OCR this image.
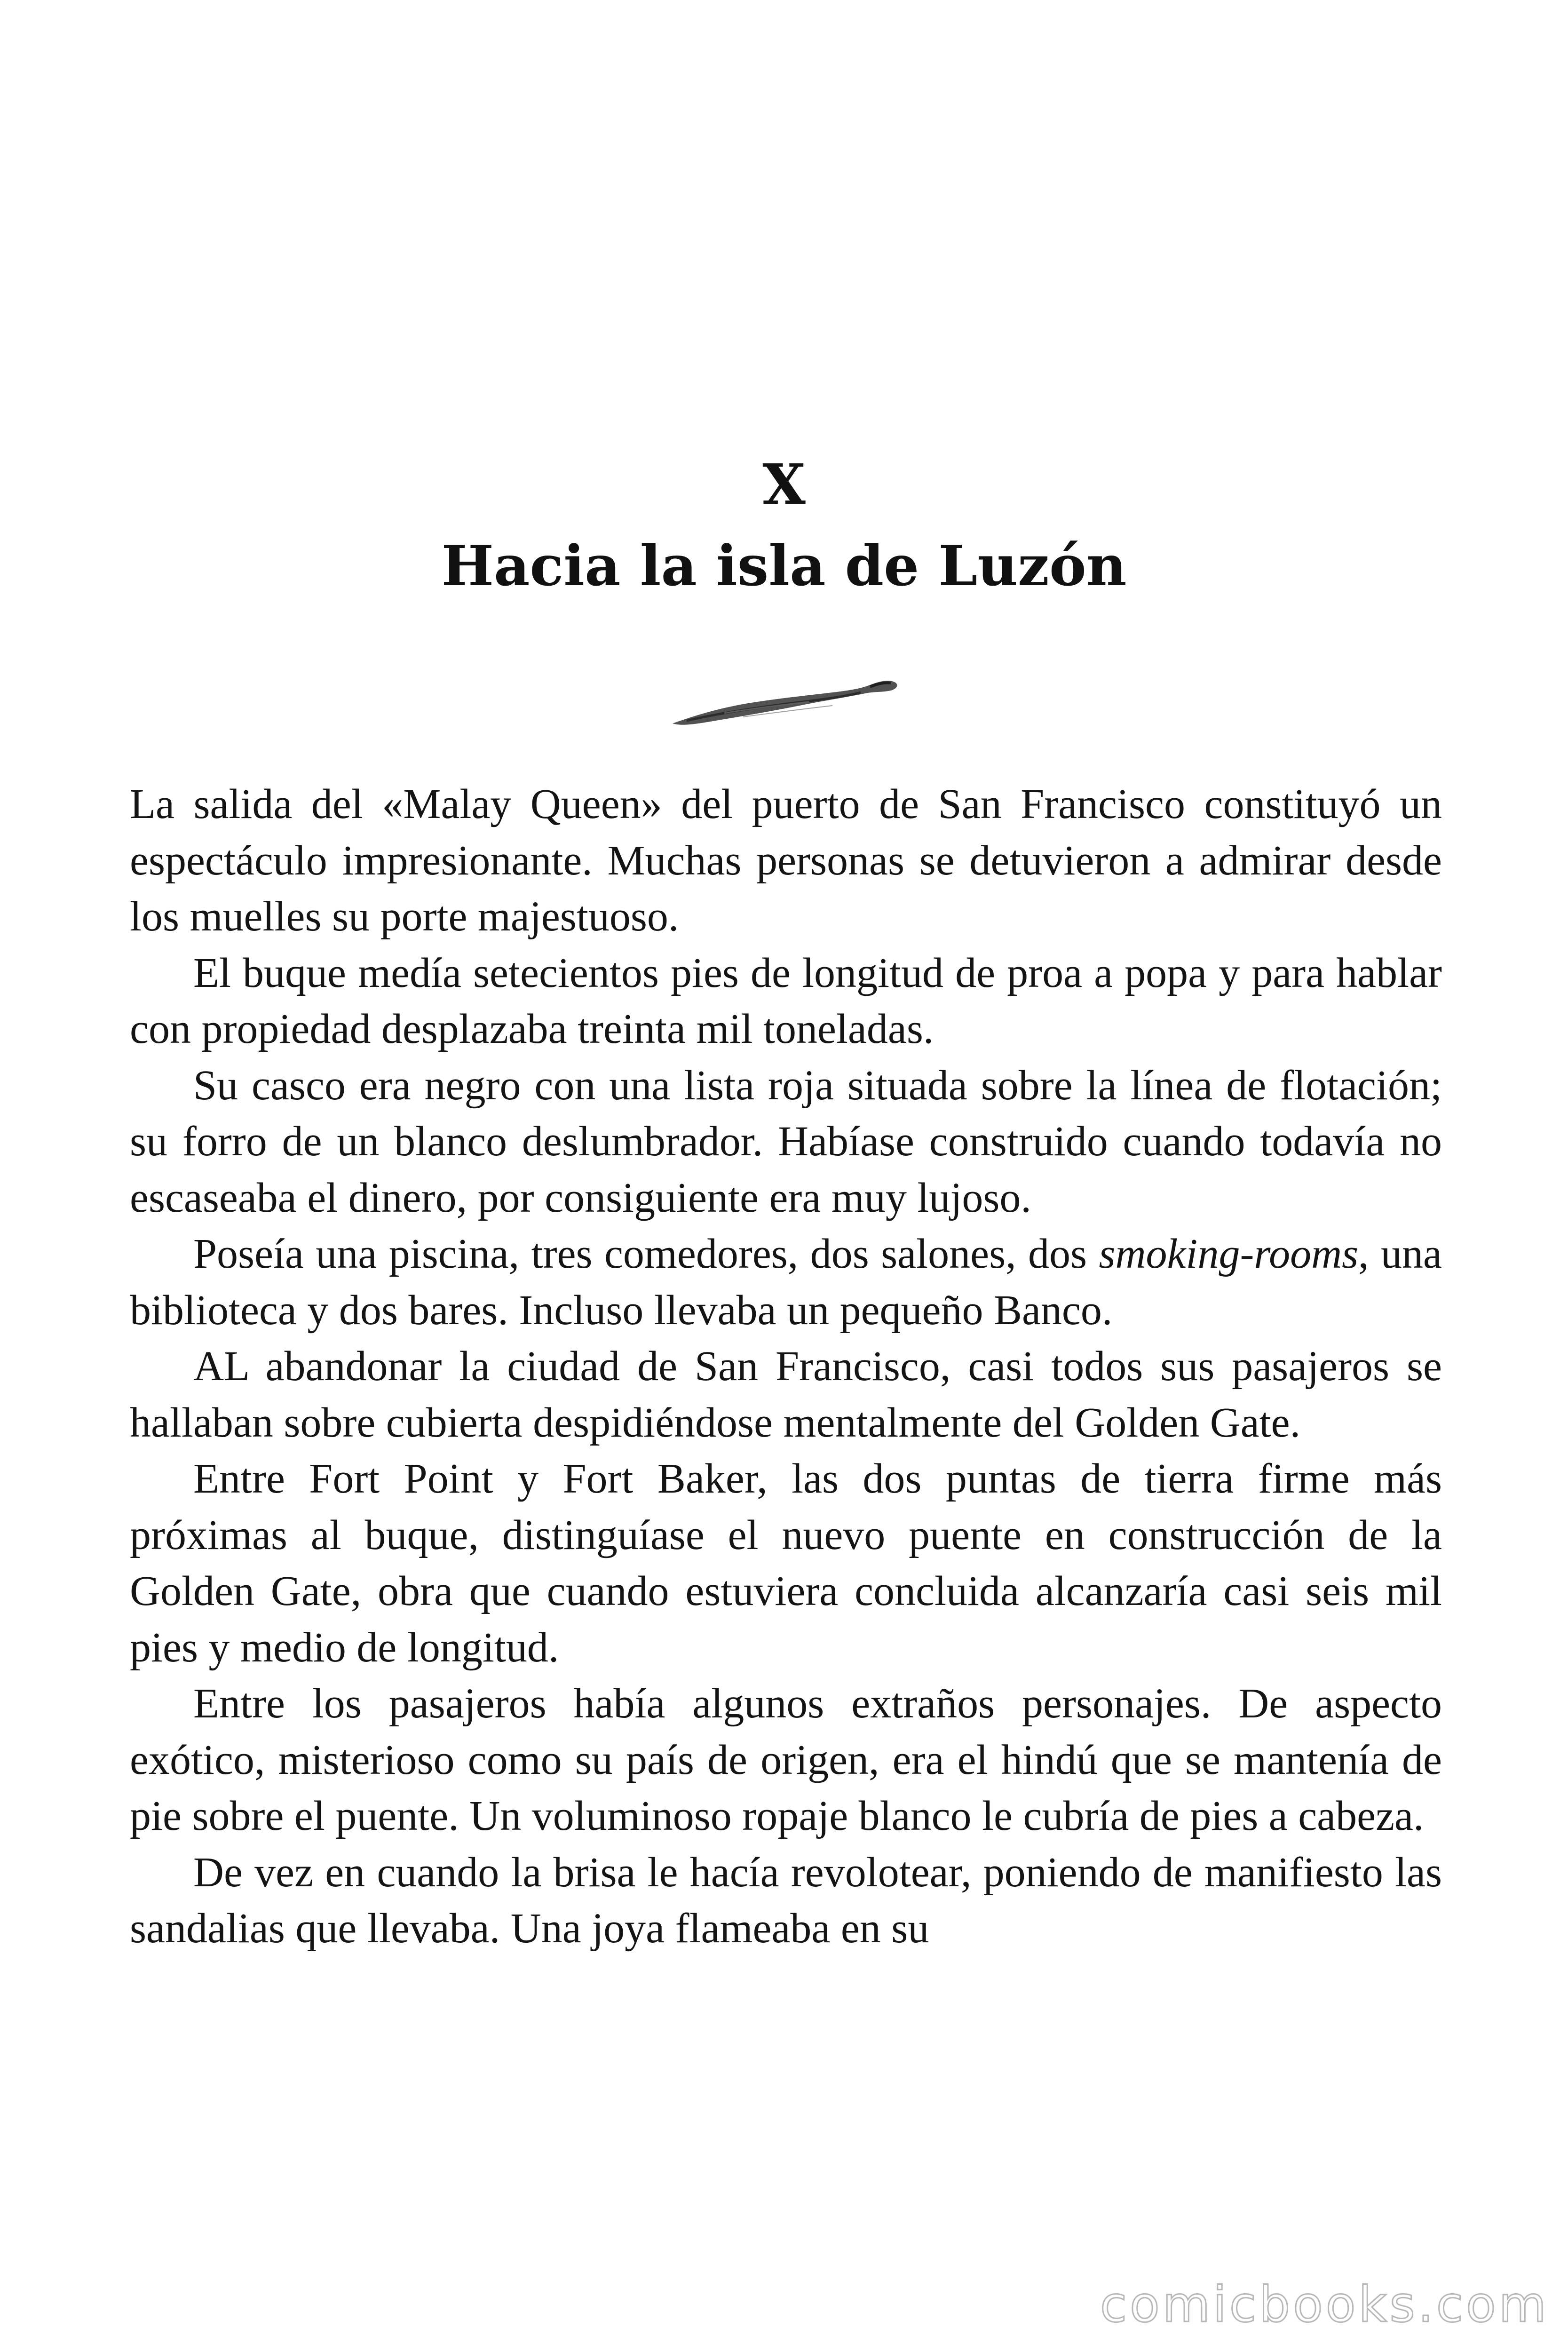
X
Hacia la isla de Luzón

La salida del «Malay Queen» del puerto de San Francisco constituyó un espectáculo impresionante. Muchas personas se detuvieron a admirar desde los muelles su porte majestuoso.

El buque medía setecientos pies de longitud de proa a popa y para hablar con propiedad desplazaba treinta mil toneladas.

Su casco era negro con una lista roja situada sobre la línea de flotación; su forro de un blanco deslumbrador. Habíase construido cuando todavía no escaseaba el dinero, por consiguiente era muy lujoso.

Poseía una piscina, tres comedores, dos salones, dos smoking-rooms, una biblioteca y dos bares. Incluso llevaba un pequeño Banco.

AL abandonar la ciudad de San Francisco, casi todos sus pasajeros se hallaban sobre cubierta despidiéndose mentalmente del Golden Gate.

Entre Fort Point y Fort Baker, las dos puntas de tierra firme más próximas al buque, distinguíase el nuevo puente en construcción de la Golden Gate, obra que cuando estuviera concluida alcanzaría casi seis mil pies y medio de longitud.

Entre los pasajeros había algunos extraños personajes. De aspecto exótico, misterioso como su país de origen, era el hindú que se mantenía de pie sobre el puente. Un voluminoso ropaje blanco le cubría de pies a cabeza.

De vez en cuando la brisa le hacía revolotear, poniendo de manifiesto las sandalias que llevaba. Una joya flameaba en su

comicbooks.com
